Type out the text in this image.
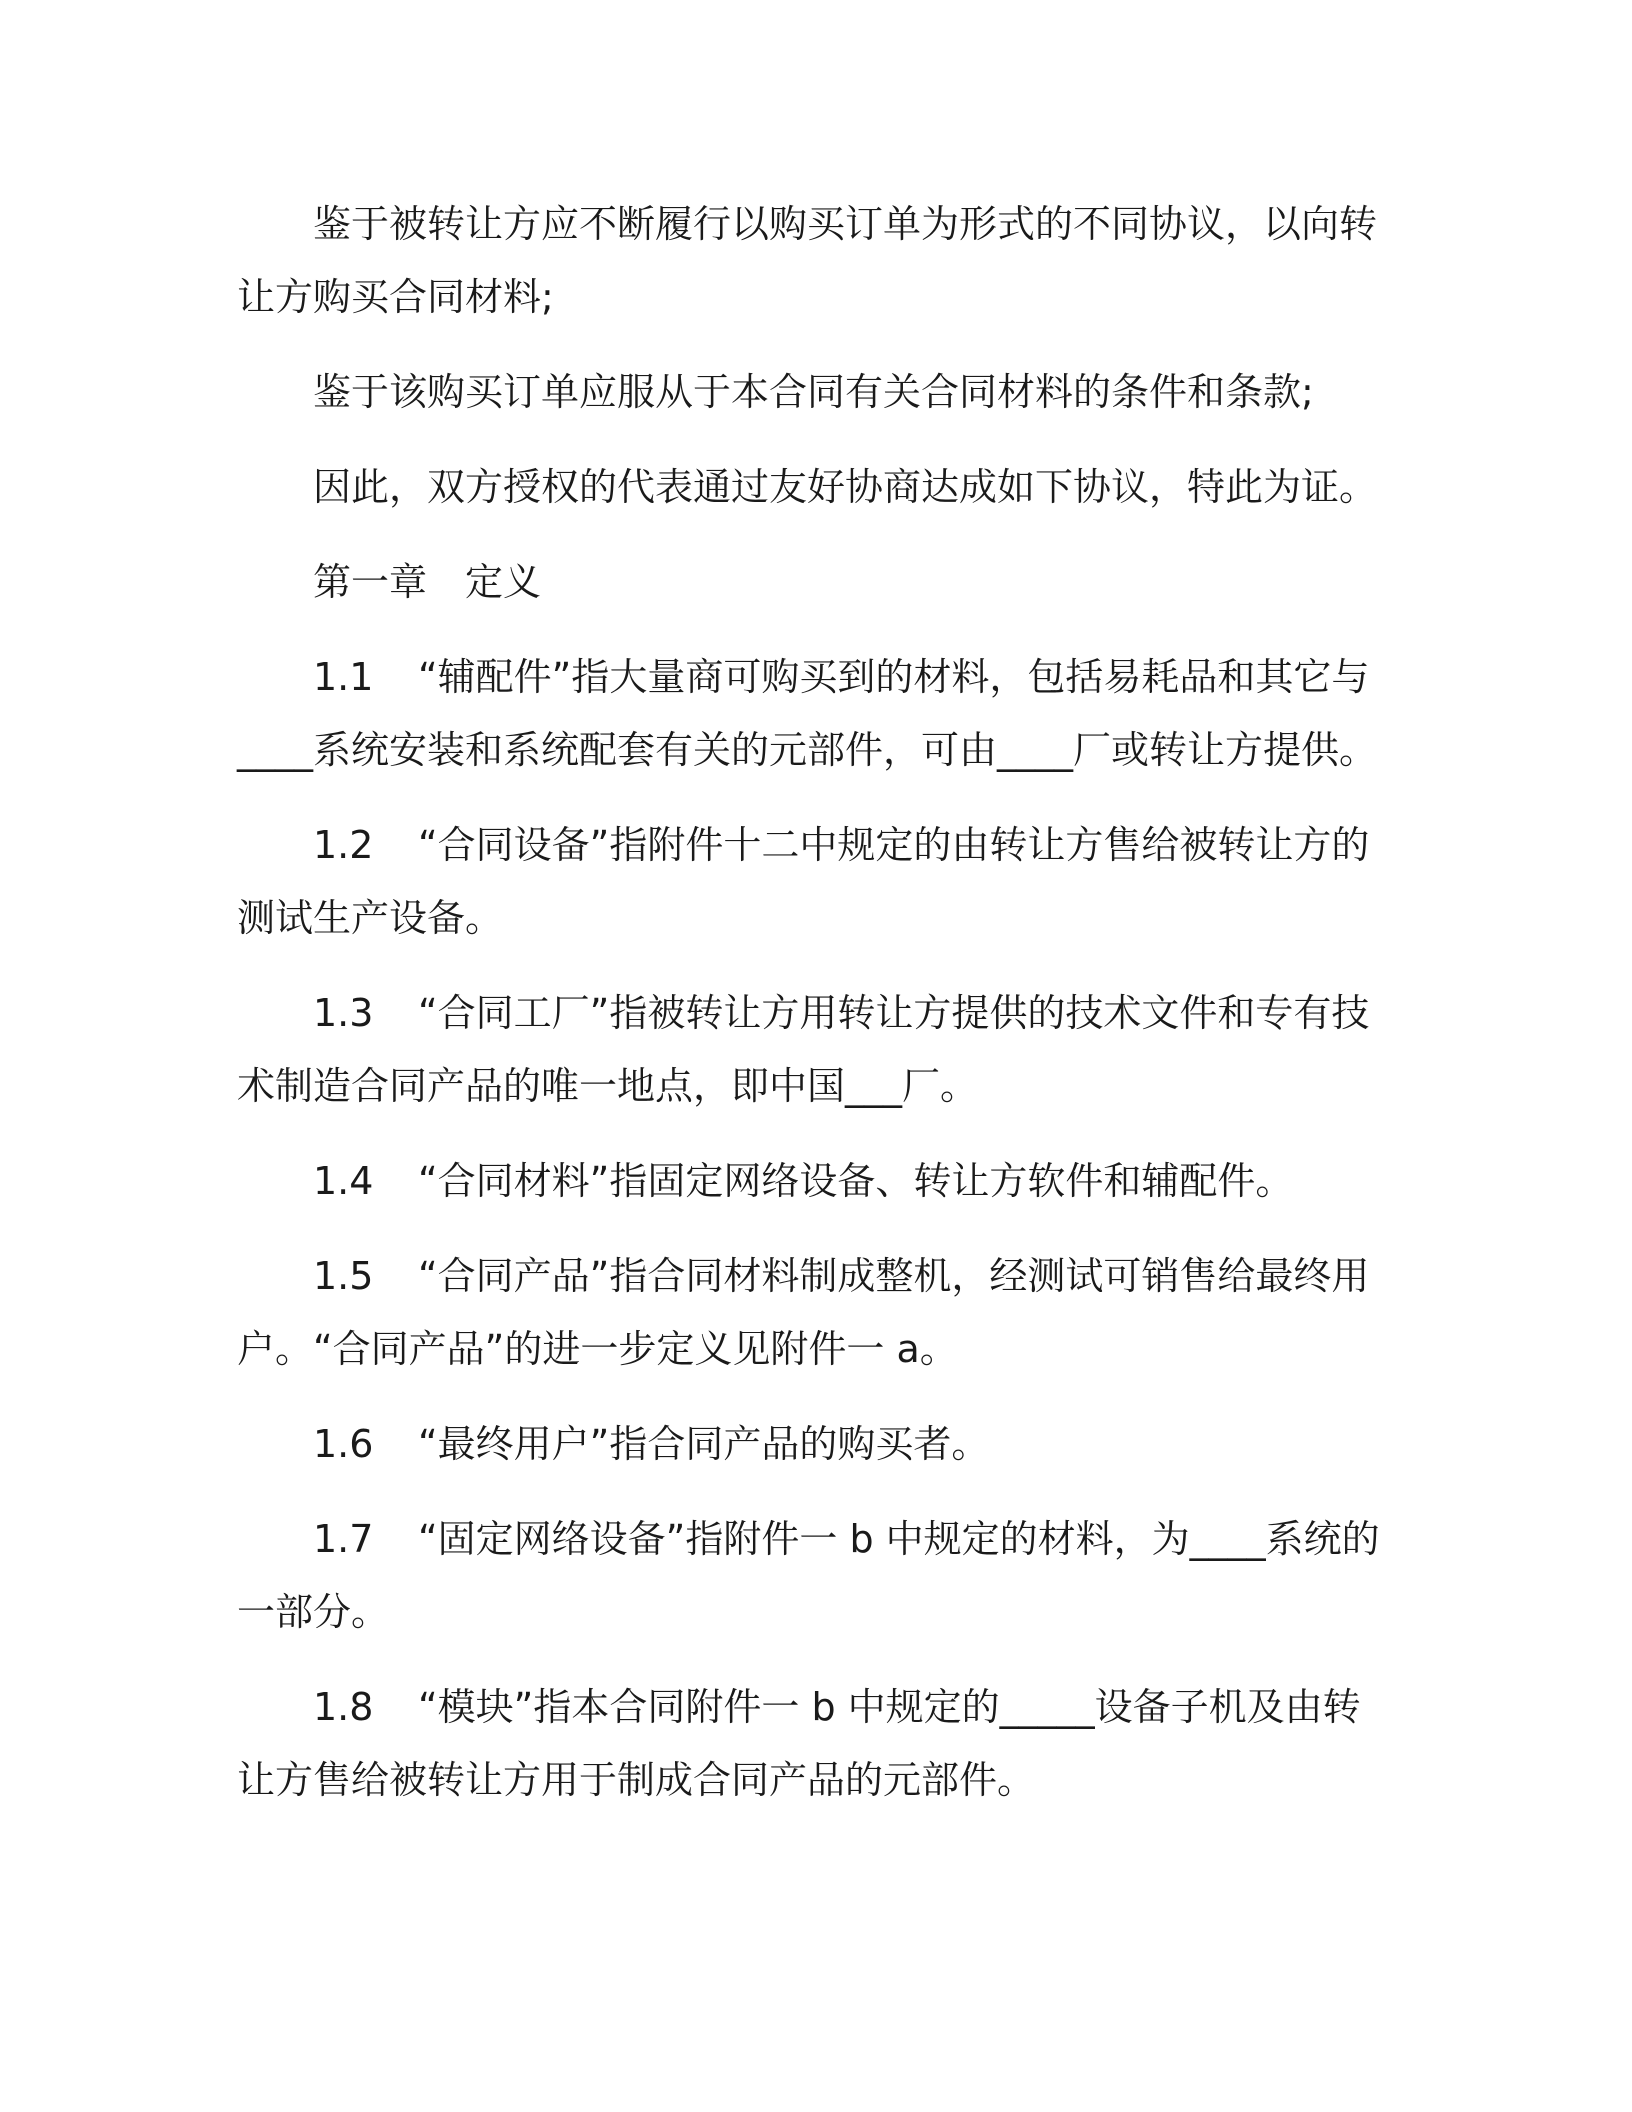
鉴于被转让方应不断履行以购买订单为形式的不同协议，以向转让方购买合同材料;

鉴于该购买订单应服从于本合同有关合同材料的条件和条款;

因此，双方授权的代表通过友好协商达成如下协议，特此为证。

第一章　定义

1.1 “辅配件”指大量商可购买到的材料，包括易耗品和其它与____系统安装和系统配套有关的元部件，可由____厂或转让方提供。

1.2 “合同设备”指附件十二中规定的由转让方售给被转让方的测试生产设备。

1.3 “合同工厂”指被转让方用转让方提供的技术文件和专有技术制造合同产品的唯一地点，即中国___厂。

1.4 “合同材料”指固定网络设备、转让方软件和辅配件。

1.5 “合同产品”指合同材料制成整机，经测试可销售给最终用户。“合同产品”的进一步定义见附件一 a。

1.6 “最终用户”指合同产品的购买者。

1.7 “固定网络设备”指附件一 b 中规定的材料，为____系统的一部分。

1.8 “模块”指本合同附件一 b 中规定的_____设备子机及由转让方售给被转让方用于制成合同产品的元部件。
